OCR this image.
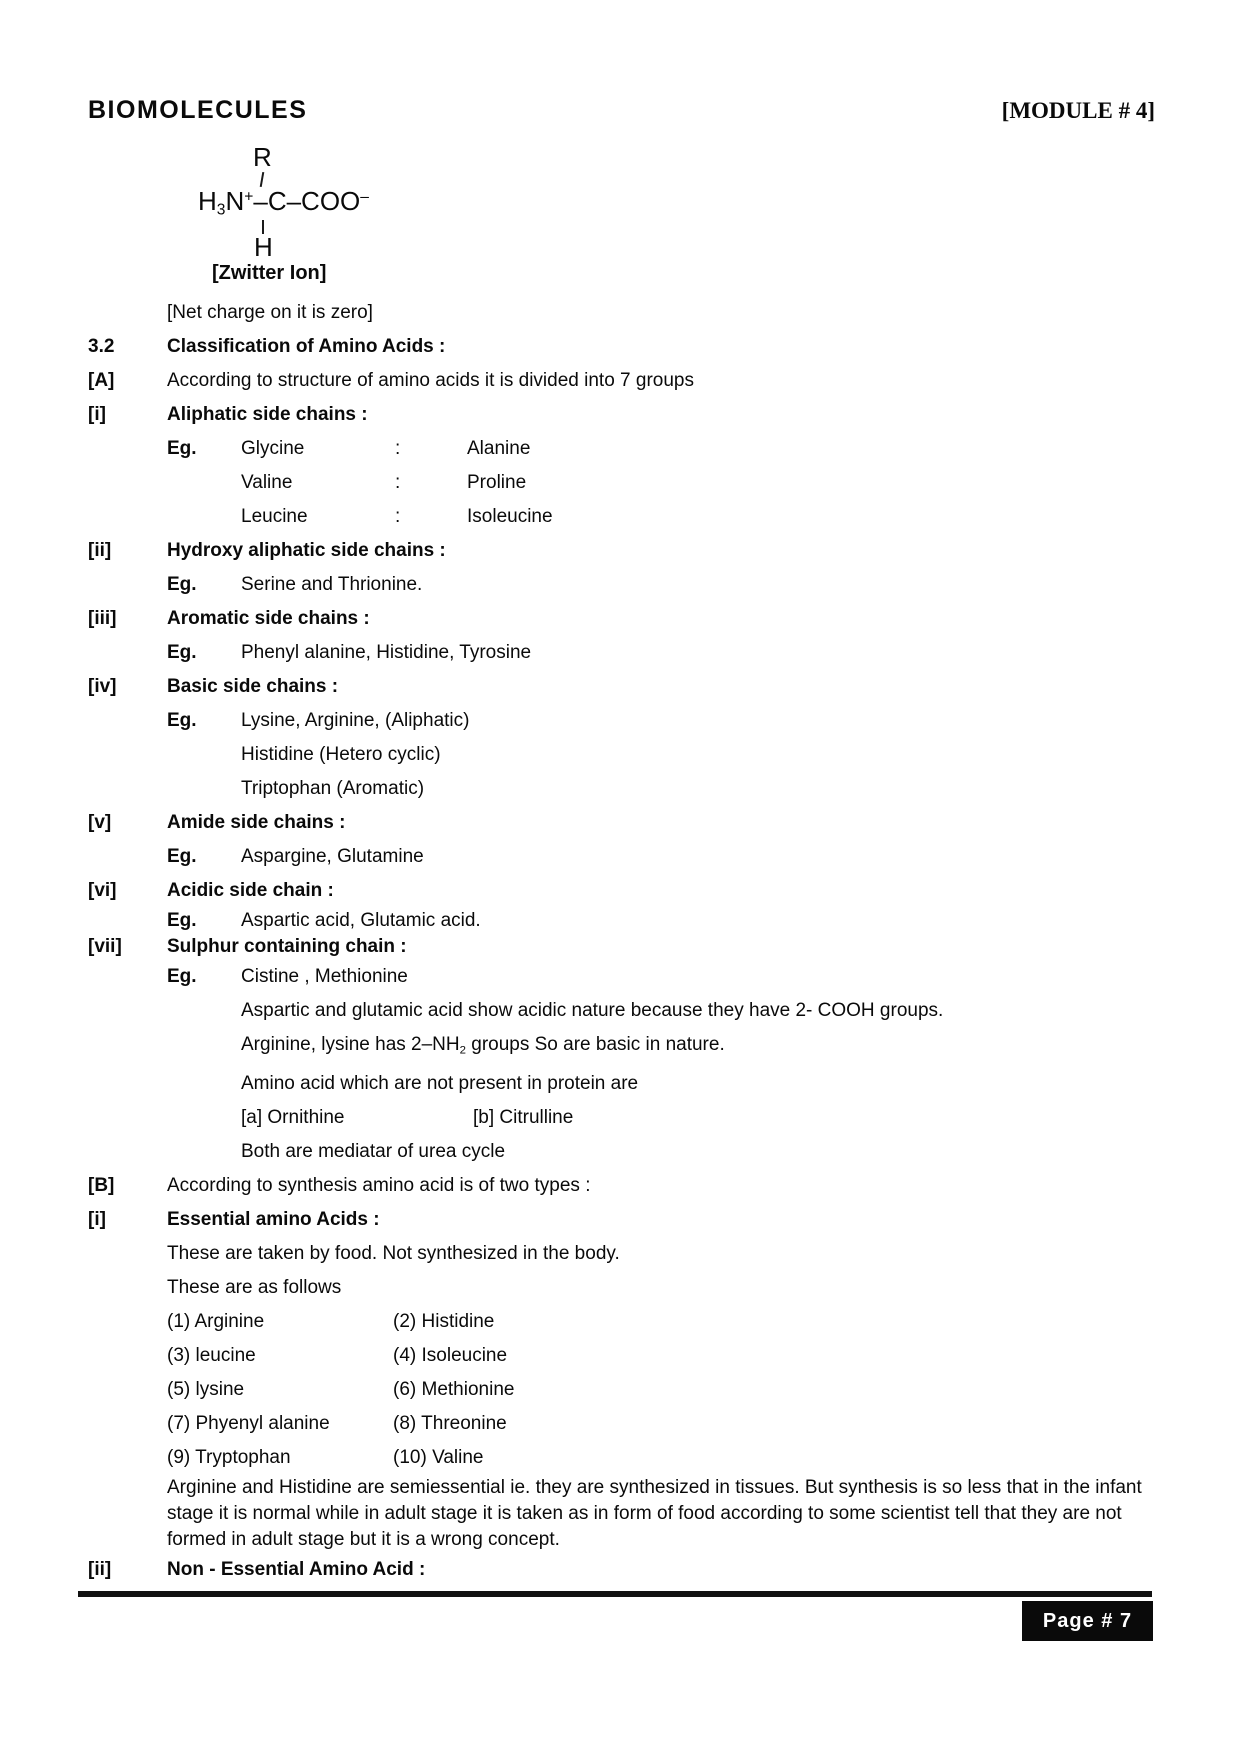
BIOMOLECULES	[MODULE # 4]
R
$H_3N^+-C-COO^-$
H
[Zwitter Ion]
[Net charge on it is zero]
3.2	Classification of Amino Acids :
[A]	According to structure of amino acids it is divided into 7 groups
[i]	Aliphatic side chains :
Eg.	Glycine	:	Alanine
Valine	:	Proline
Leucine	:	Isoleucine
[ii]	Hydroxy aliphatic side chains :
Eg.	Serine and Thrionine.
[iii]	Aromatic side chains :
Eg.	Phenyl alanine, Histidine, Tyrosine
[iv]	Basic side chains :
Eg.	Lysine, Arginine, (Aliphatic)
Histidine (Hetero cyclic)
Triptophan (Aromatic)
[v]	Amide side chains :
Eg.	Aspargine, Glutamine
[vi]	Acidic side chain :
Eg.	Aspartic acid, Glutamic acid.
[vii]	Sulphur containing chain :
Eg.	Cistine , Methionine
Aspartic and glutamic acid show acidic nature because they have 2- COOH groups.
Arginine, lysine has $2-NH_2$ groups So are basic in nature.
Amino acid which are not present in protein are
[a] Ornithine	[b] Citrulline
Both are mediatar of urea cycle
[B]	According to synthesis amino acid is of two types :
[i]	Essential amino Acids :
These are taken by food. Not synthesized in the body.
These are as follows
(1) Arginine	(2) Histidine
(3) leucine	(4) Isoleucine
(5) lysine	(6) Methionine
(7) Phyenyl alanine	(8) Threonine
(9) Tryptophan	(10) Valine
Arginine and Histidine are semiessential ie. they are synthesized in tissues. But synthesis is so less that in the infant stage it is normal while in adult stage it is taken as in form of food according to some scientist tell that they are not formed in adult stage but it is a wrong concept.
[ii]	Non - Essential Amino Acid :
Page # 7
